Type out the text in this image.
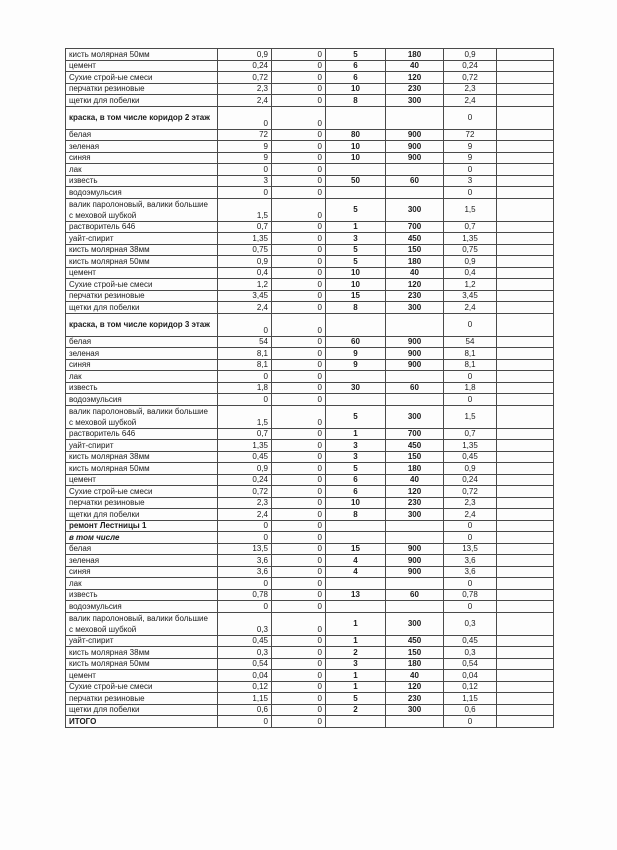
кисть молярная 50мм	0,9	0	5	180	0,9	
цемент	0,24	0	6	40	0,24	
Сухие строй-ые смеси	0,72	0	6	120	0,72	
перчатки резиновые	2,3	0	10	230	2,3	
щетки для побелки	2,4	0	8	300	2,4	
краска, в том числе коридор 2 этаж	0	0			0	
белая	72	0	80	900	72	
зеленая	9	0	10	900	9	
синяя	9	0	10	900	9	
лак	0	0			0	
известь	3	0	50	60	3	
водоэмульсия	0	0			0	
валик паролоновый, валики большие с меховой шубкой	1,5	0	5	300	1,5	
растворитель 646	0,7	0	1	700	0,7	
уайт-спирит	1,35	0	3	450	1,35	
кисть молярная 38мм	0,75	0	5	150	0,75	
кисть молярная 50мм	0,9	0	5	180	0,9	
цемент	0,4	0	10	40	0,4	
Сухие строй-ые смеси	1,2	0	10	120	1,2	
перчатки резиновые	3,45	0	15	230	3,45	
щетки для побелки	2,4	0	8	300	2,4	
краска, в том числе коридор 3 этаж	0	0			0	
белая	54	0	60	900	54	
зеленая	8,1	0	9	900	8,1	
синяя	8,1	0	9	900	8,1	
лак	0	0			0	
известь	1,8	0	30	60	1,8	
водоэмульсия	0	0			0	
валик паролоновый, валики большие с меховой шубкой	1,5	0	5	300	1,5	
растворитель 646	0,7	0	1	700	0,7	
уайт-спирит	1,35	0	3	450	1,35	
кисть молярная 38мм	0,45	0	3	150	0,45	
кисть молярная 50мм	0,9	0	5	180	0,9	
цемент	0,24	0	6	40	0,24	
Сухие строй-ые смеси	0,72	0	6	120	0,72	
перчатки резиновые	2,3	0	10	230	2,3	
щетки для побелки	2,4	0	8	300	2,4	
ремонт Лестницы 1	0	0			0	
в том числе	0	0			0	
белая	13,5	0	15	900	13,5	
зеленая	3,6	0	4	900	3,6	
синяя	3,6	0	4	900	3,6	
лак	0	0			0	
известь	0,78	0	13	60	0,78	
водоэмульсия	0	0			0	
валик паролоновый, валики большие с меховой шубкой	0,3	0	1	300	0,3	
уайт-спирит	0,45	0	1	450	0,45	
кисть молярная 38мм	0,3	0	2	150	0,3	
кисть молярная 50мм	0,54	0	3	180	0,54	
цемент	0,04	0	1	40	0,04	
Сухие строй-ые смеси	0,12	0	1	120	0,12	
перчатки резиновые	1,15	0	5	230	1,15	
щетки для побелки	0,6	0	2	300	0,6	
ИТОГО	0	0			0	
